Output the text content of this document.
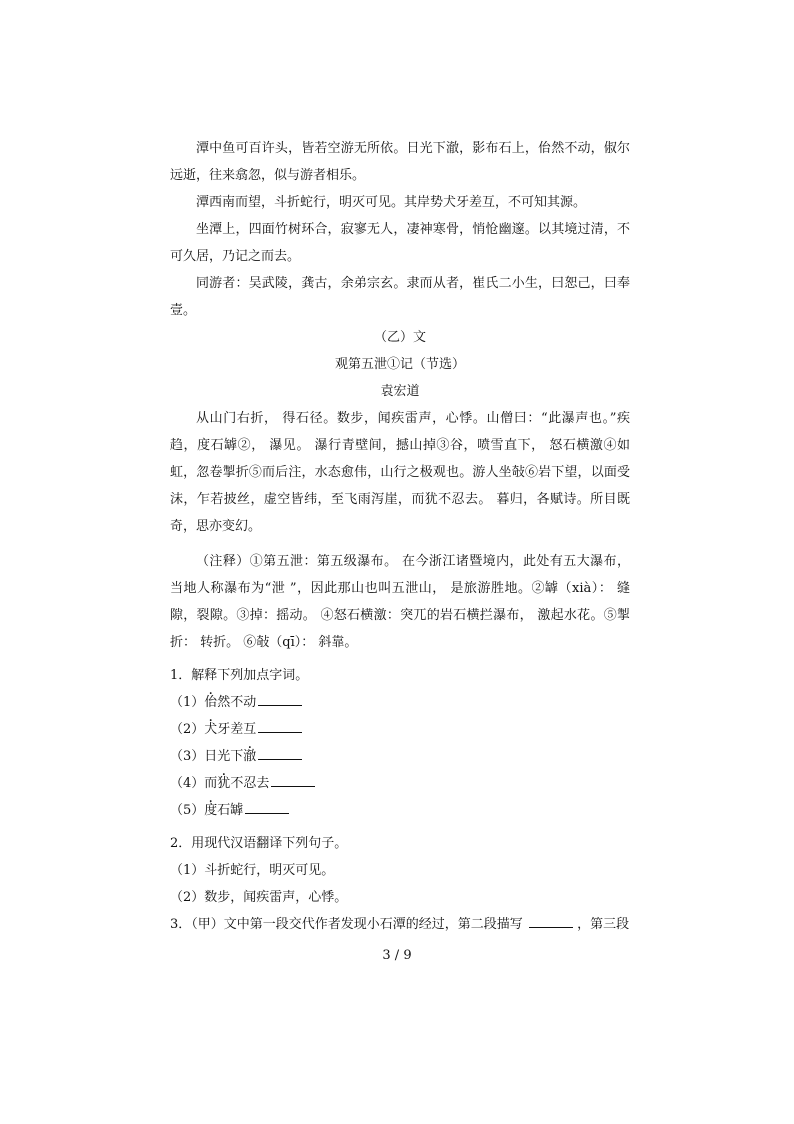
潭中鱼可百许头，皆若空游无所依。日光下澈，影布石上，佁然不动，俶尔远逝，往来翕忽，似与游者相乐。

潭西南而望，斗折蛇行，明灭可见。其岸势犬牙差互，不可知其源。

坐潭上，四面竹树环合，寂寥无人，凄神寒骨，悄怆幽邃。以其境过清，不可久居，乃记之而去。

同游者：吴武陵，龚古，余弟宗玄。隶而从者，崔氏二小生，曰恕己，曰奉壹。

（乙）文

观第五泄①记（节选）

袁宏道

从山门右折， 得石径。数步，闻疾雷声，心悸。山僧曰：“此瀑声也。”疾趋，度石罅②， 瀑见。 瀑行青壁间，撼山掉③谷，喷雪直下， 怒石横激④如虹，忽卷掣折⑤而后注，水态愈伟，山行之极观也。游人坐敧⑥岩下望，以面受沫，乍若披丝，虚空皆纬，至飞雨泻崖，而犹不忍去。 暮归，各赋诗。所目既奇，思亦变幻。

（注释）①第五泄：第五级瀑布。 在今浙江诸暨境内，此处有五大瀑布， 当地人称瀑布为“泄 ”，因此那山也叫五泄山， 是旅游胜地。②罅（xià）： 缝隙，裂隙。③掉：摇动。 ④怒石横激：突兀的岩石横拦瀑布， 激起水花。⑤掣折： 转折。 ⑥敧（qī）： 斜靠。

1．解释下列加点字词。

（1）佁然不动

（2）犬牙差互

（3）日光下澈

（4）而犹不忍去

（5）度石罅

2．用现代汉语翻译下列句子。

（1）斗折蛇行，明灭可见。

（2）数步，闻疾雷声，心悸。

3．（甲）文中第一段交代作者发现小石潭的经过，第二段描写	，第三段

3 / 9
